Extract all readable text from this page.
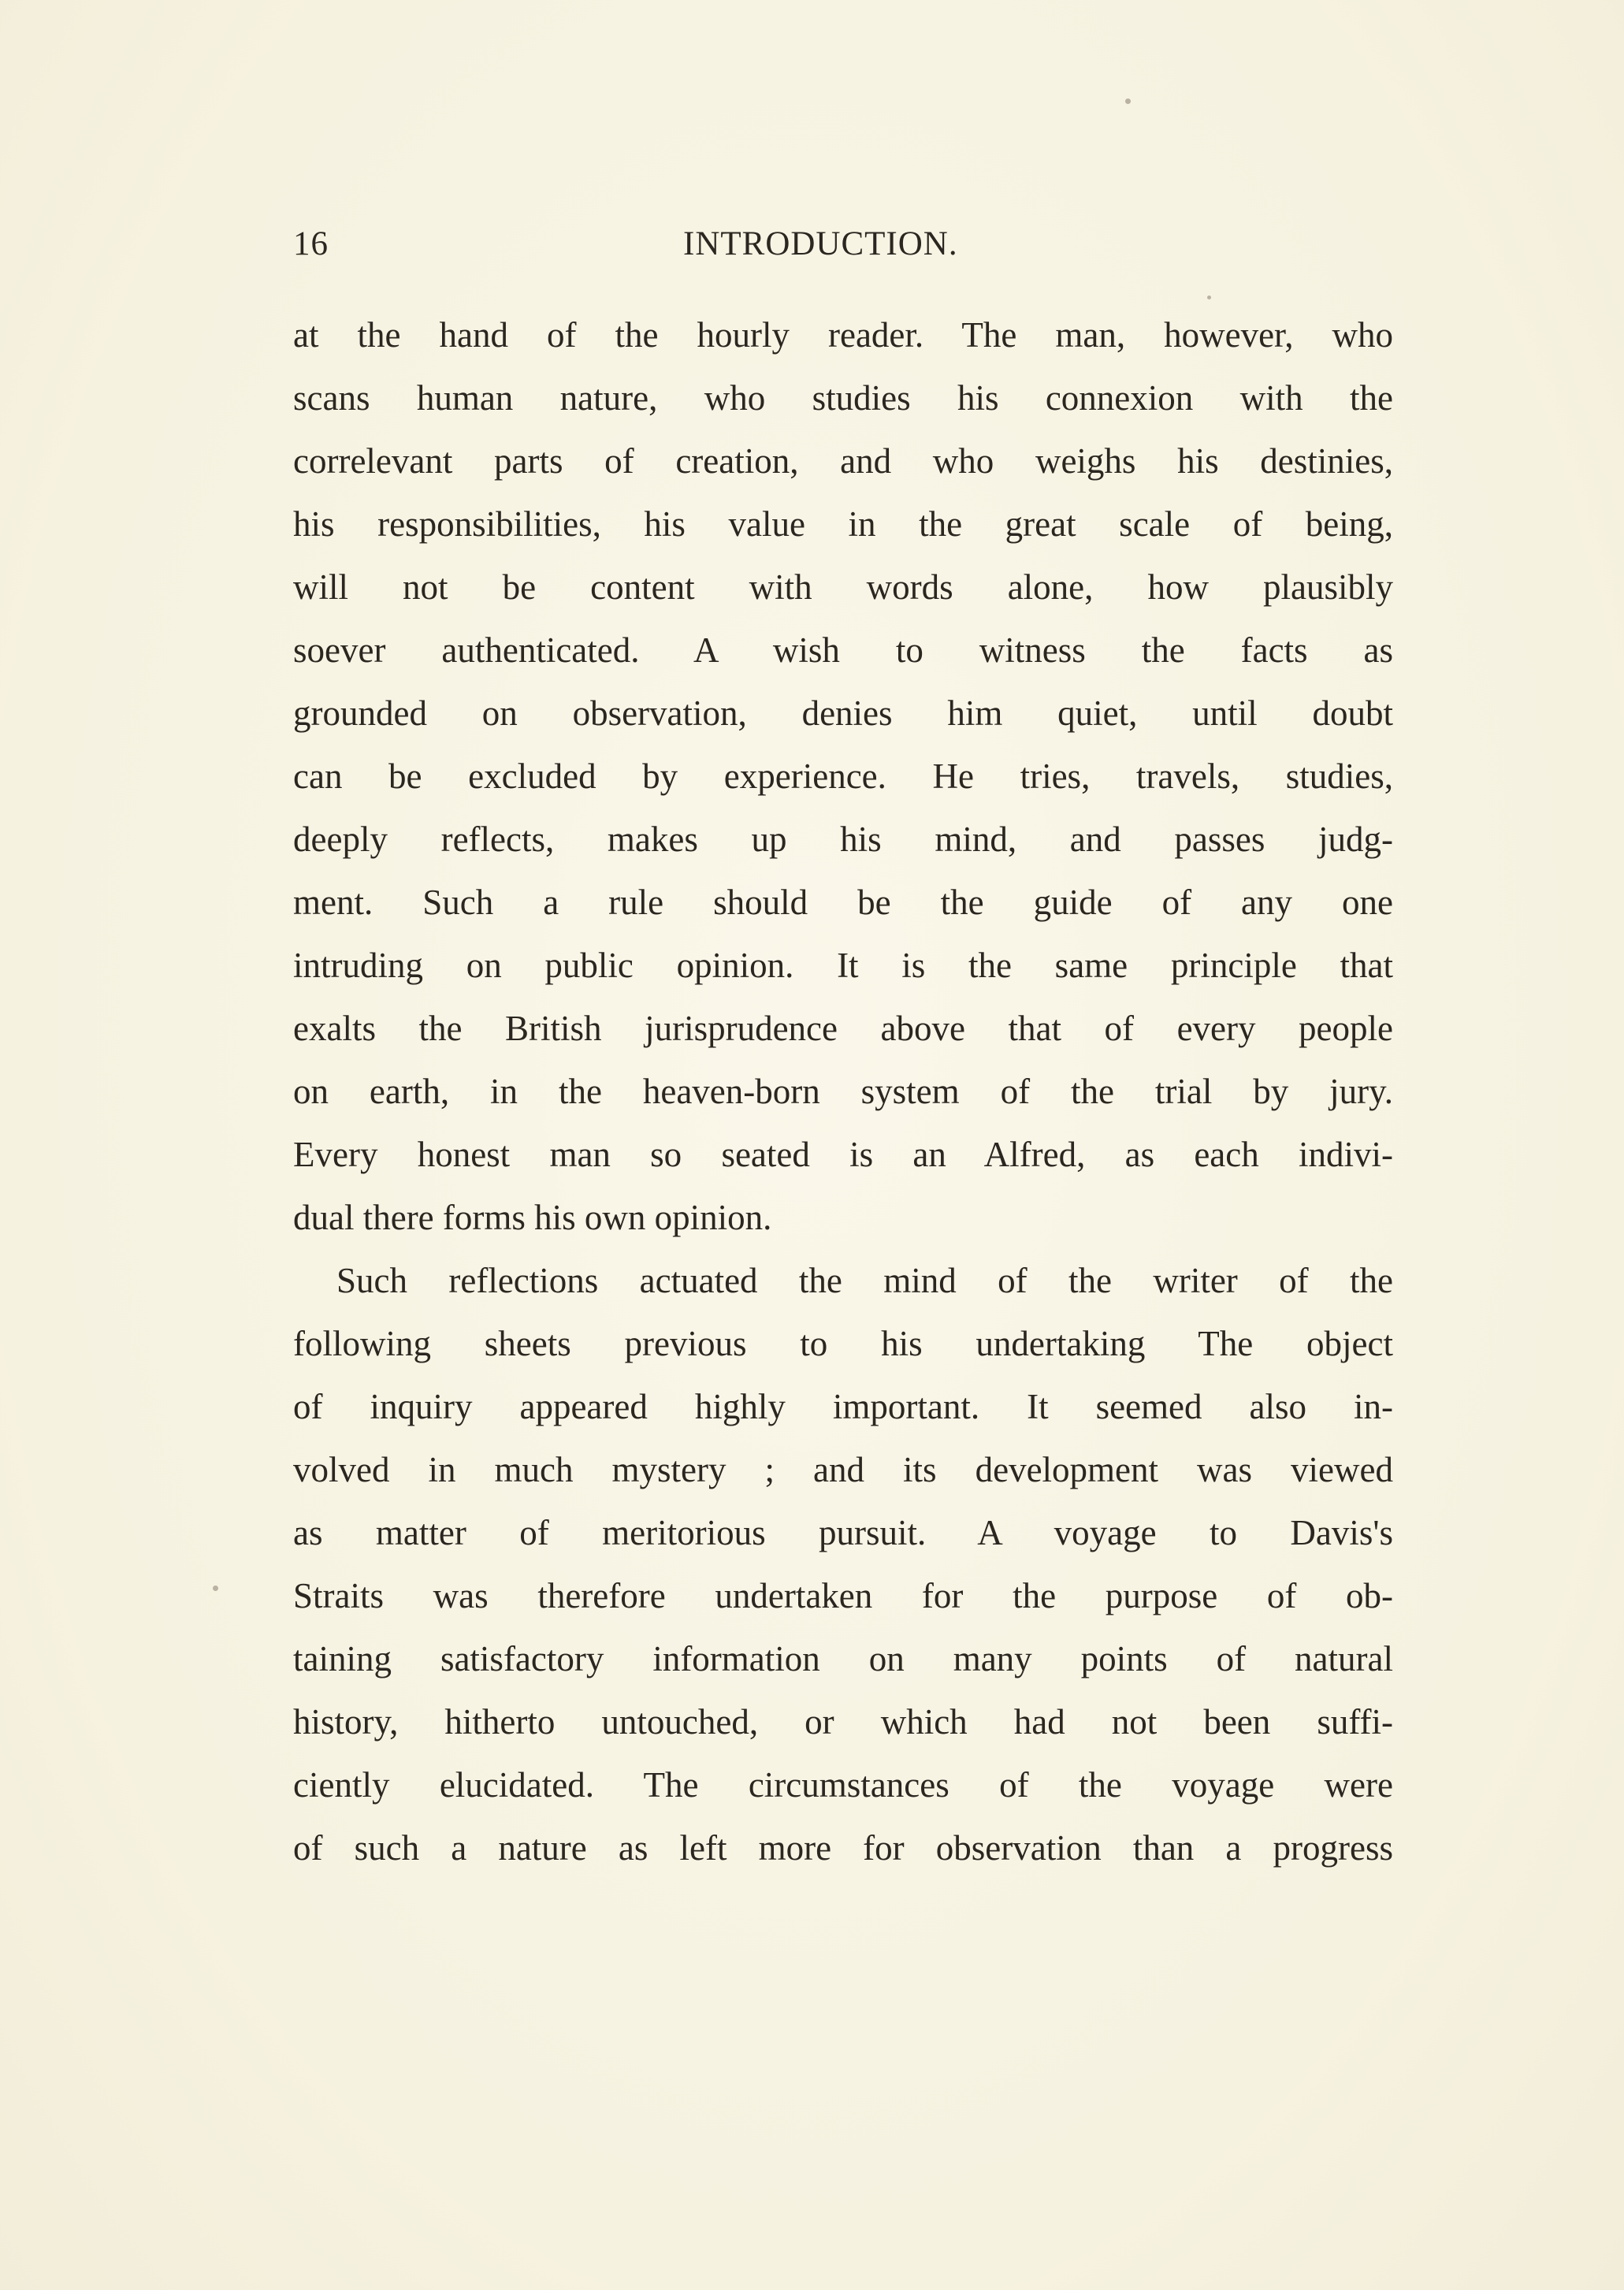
16	INTRODUCTION.
at the hand of the hourly reader. The man, however, who
scans human nature, who studies his connexion with the
correlevant parts of creation, and who weighs his destinies,
his responsibilities, his value in the great scale of being,
will not be content with words alone, how plausibly
soever authenticated. A wish to witness the facts as
grounded on observation, denies him quiet, until doubt
can be excluded by experience. He tries, travels, studies,
deeply reflects, makes up his mind, and passes judg-
ment. Such a rule should be the guide of any one
intruding on public opinion. It is the same principle that
exalts the British jurisprudence above that of every people
on earth, in the heaven-born system of the trial by jury.
Every honest man so seated is an Alfred, as each indivi-
dual there forms his own opinion.
Such reflections actuated the mind of the writer of the
following sheets previous to his undertaking The object
of inquiry appeared highly important. It seemed also in-
volved in much mystery ; and its development was viewed
as matter of meritorious pursuit. A voyage to Davis's
Straits was therefore undertaken for the purpose of ob-
taining satisfactory information on many points of natural
history, hitherto untouched, or which had not been suffi-
ciently elucidated. The circumstances of the voyage were
of such a nature as left more for observation than a progress
